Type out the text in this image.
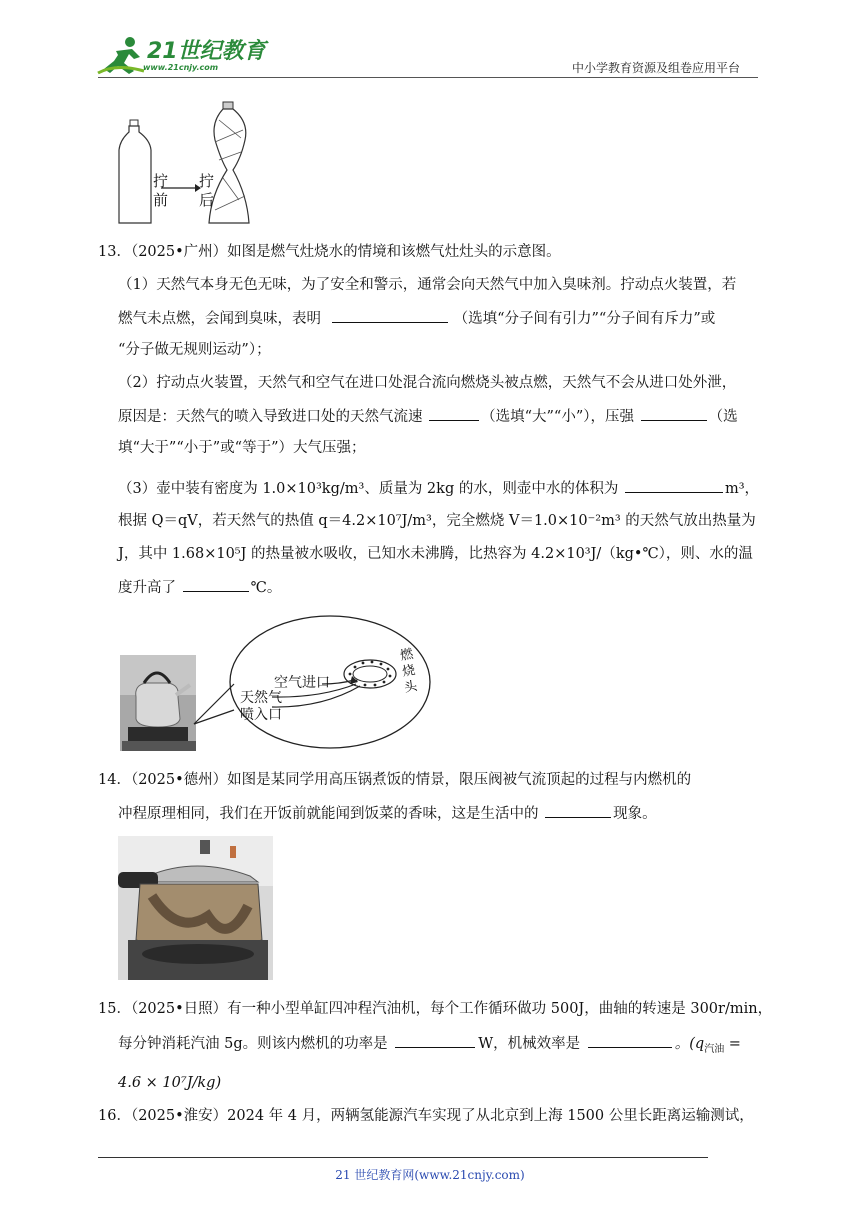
21世纪教育
www.21cnjy.com	中小学教育资源及组卷应用平台
拧
前
拧
后
13．（2025•广州）如图是燃气灶烧水的情境和该燃气灶灶头的示意图。
（1）天然气本身无色无味，为了安全和警示，通常会向天然气中加入臭味剂。拧动点火装置，若
燃气未点燃，会闻到臭味，表明	（选填“分子间有引力”“分子间有斥力”或
“分子做无规则运动”）；
（2）拧动点火装置，天然气和空气在进口处混合流向燃烧头被点燃，天然气不会从进口处外泄，
原因是：天然气的喷入导致进口处的天然气流速	（选填“大”“小”），压强	（选
填“大于”“小于”或“等于”）大气压强；
（3）壶中装有密度为 1.0×10³kg/m³、质量为 2kg 的水，则壶中水的体积为	m³，
根据 Q＝qV，若天然气的热值 q＝4.2×10⁷J/m³，完全燃烧 V＝1.0×10⁻²m³ 的天然气放出热量为
J，其中 1.68×10⁵J 的热量被水吸收，已知水未沸腾，比热容为 4.2×10³J/（kg•℃），则、水的温
度升高了	℃。
空气进口
天然气
喷入口
燃
烧
头
14．（2025•德州）如图是某同学用高压锅煮饭的情景，限压阀被气流顶起的过程与内燃机的
冲程原理相同，我们在开饭前就能闻到饭菜的香味，这是生活中的	现象。
15．（2025•日照）有一种小型单缸四冲程汽油机，每个工作循环做功 500J，曲轴的转速是 300r/min，
每分钟消耗汽油 5g。则该内燃机的功率是	W，机械效率是	。($q_{汽油}$ =
4.6 × 10⁷J/kg)
16．（2025•淮安）2024 年 4 月，两辆氢能源汽车实现了从北京到上海 1500 公里长距离运输测试，
21 世纪教育网(www.21cnjy.com)
